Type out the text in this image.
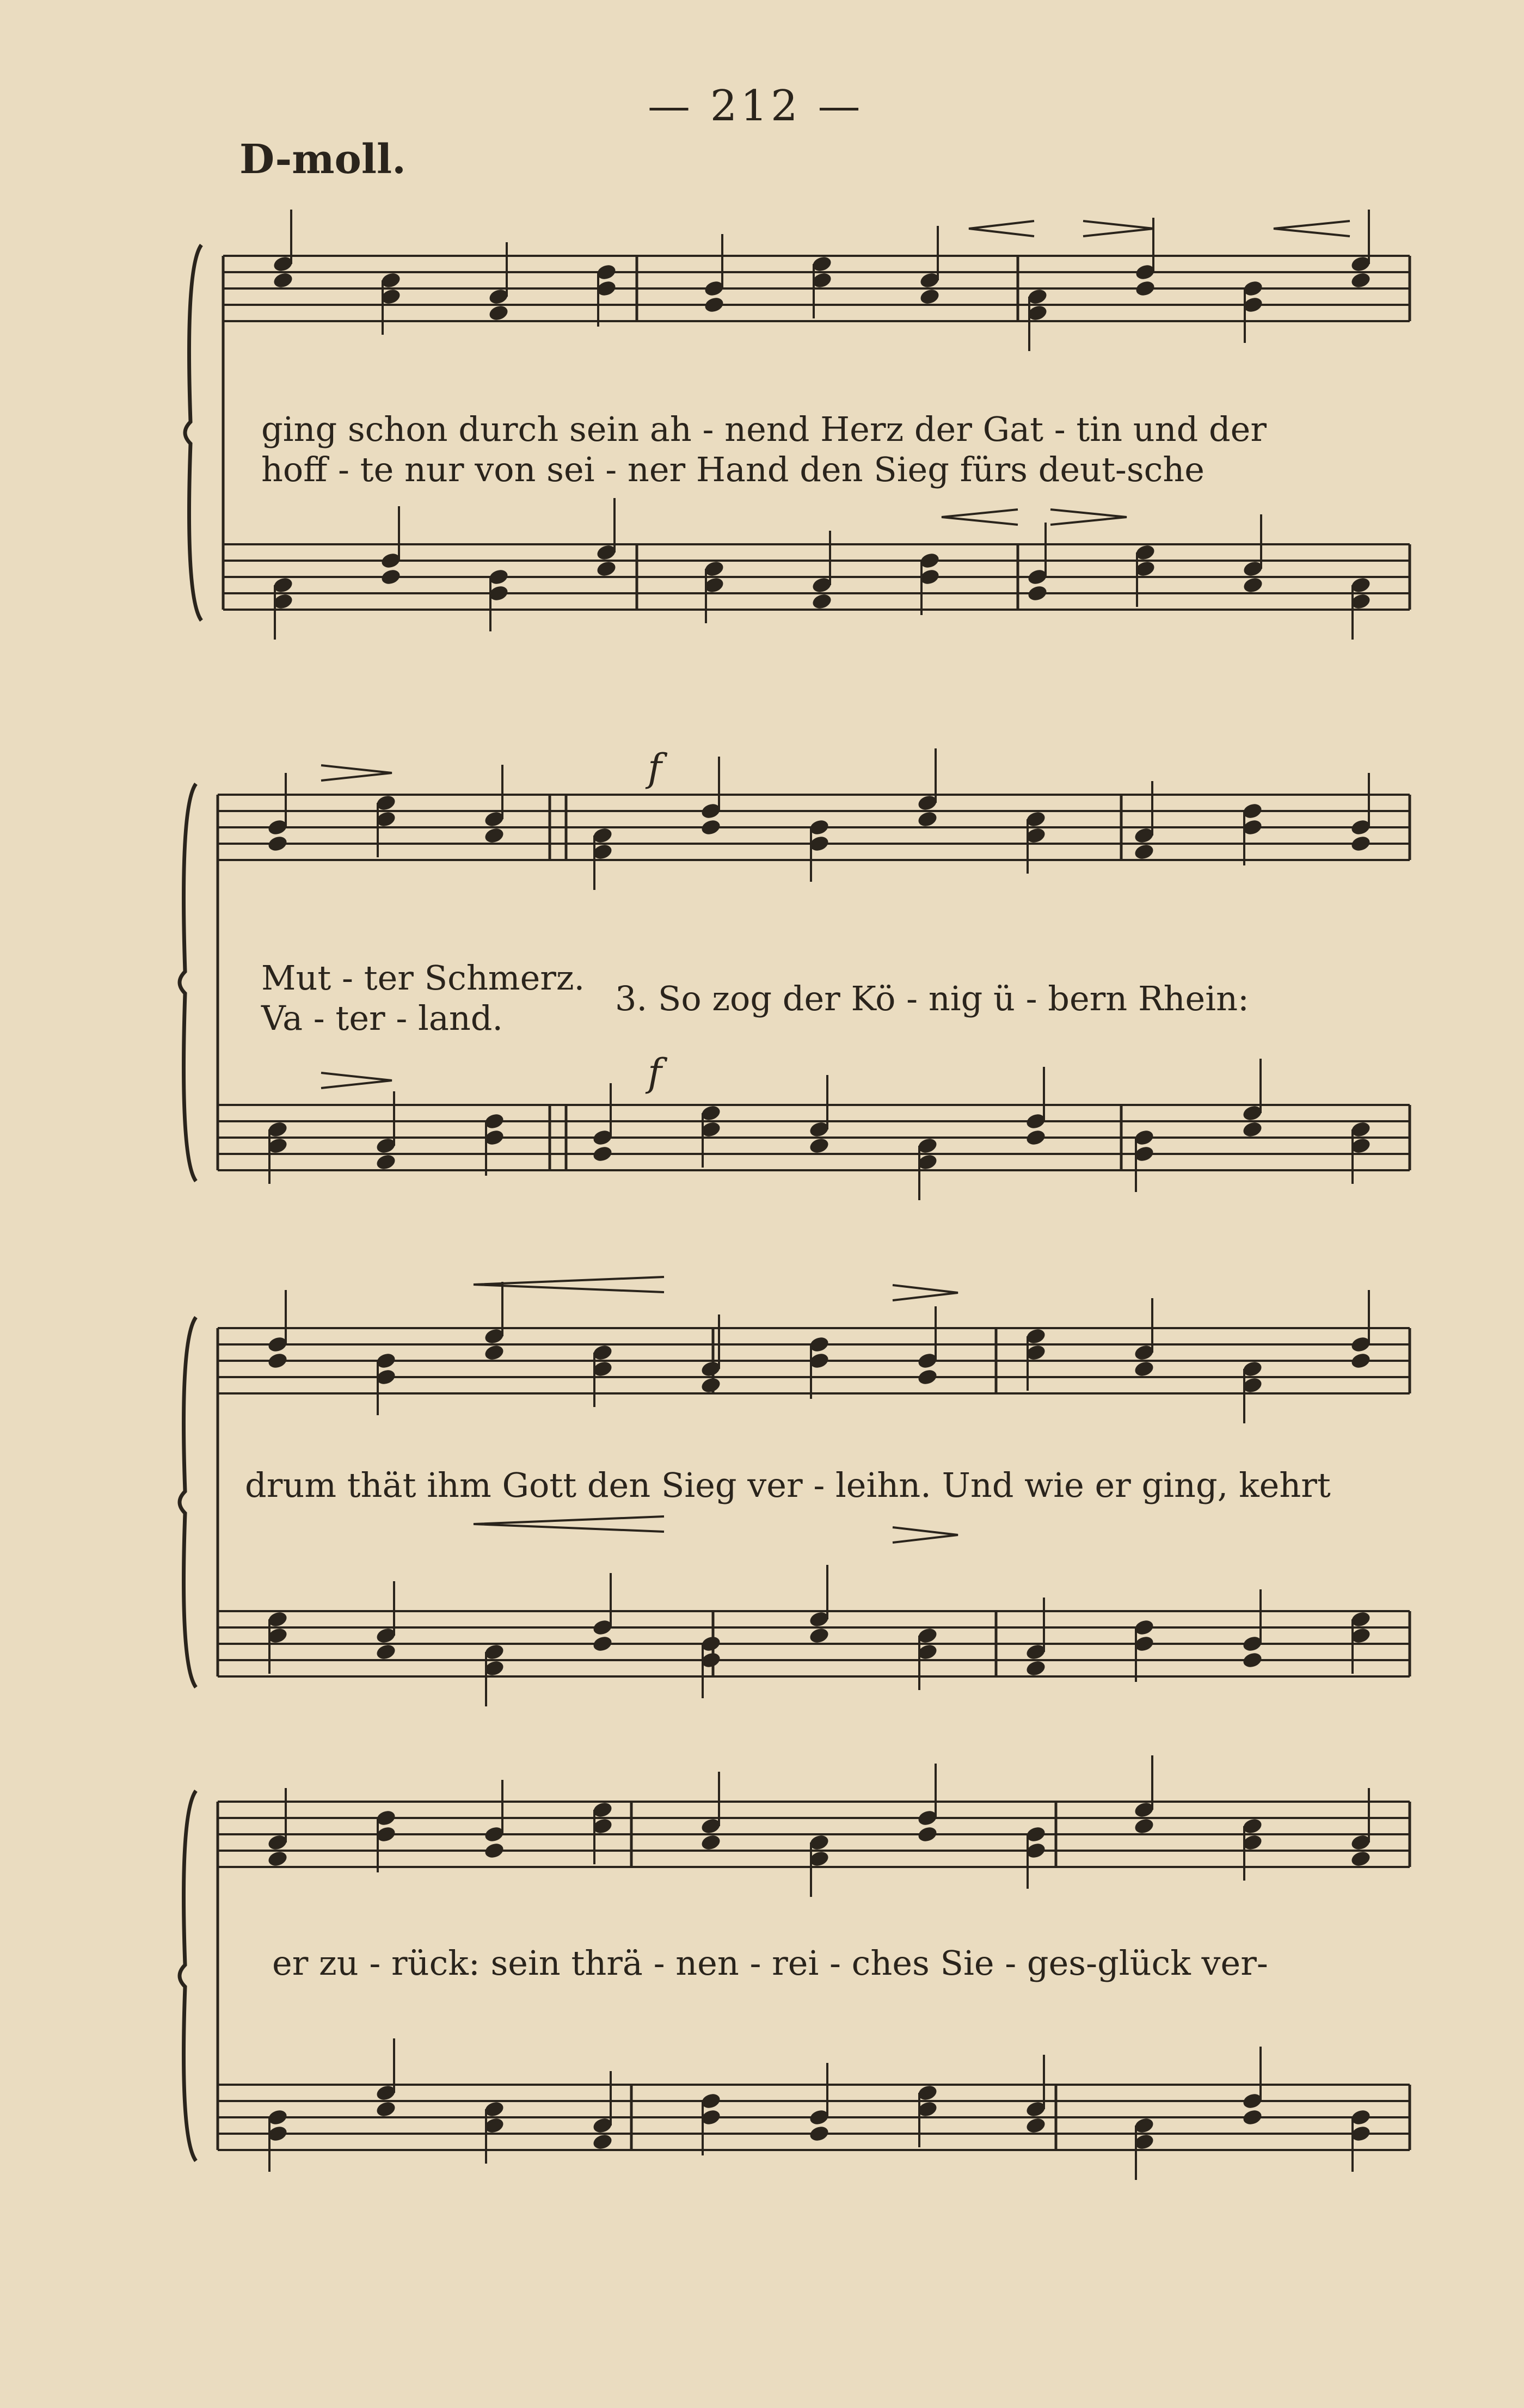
— 212 —
D-moll.
ging schon durch sein ah - nend Herz der Gat - tin und der
hoff - te nur von sei - ner Hand den Sieg fürs deut-sche
Mut - ter Schmerz.
Va - ter - land.	3. So zog der Kö - nig ü - bern Rhein:
f
f
drum thät ihm Gott den Sieg ver - leihn. Und wie er ging, kehrt
er zu - rück: sein thrä - nen - rei - ches Sie - ges-glück ver-
